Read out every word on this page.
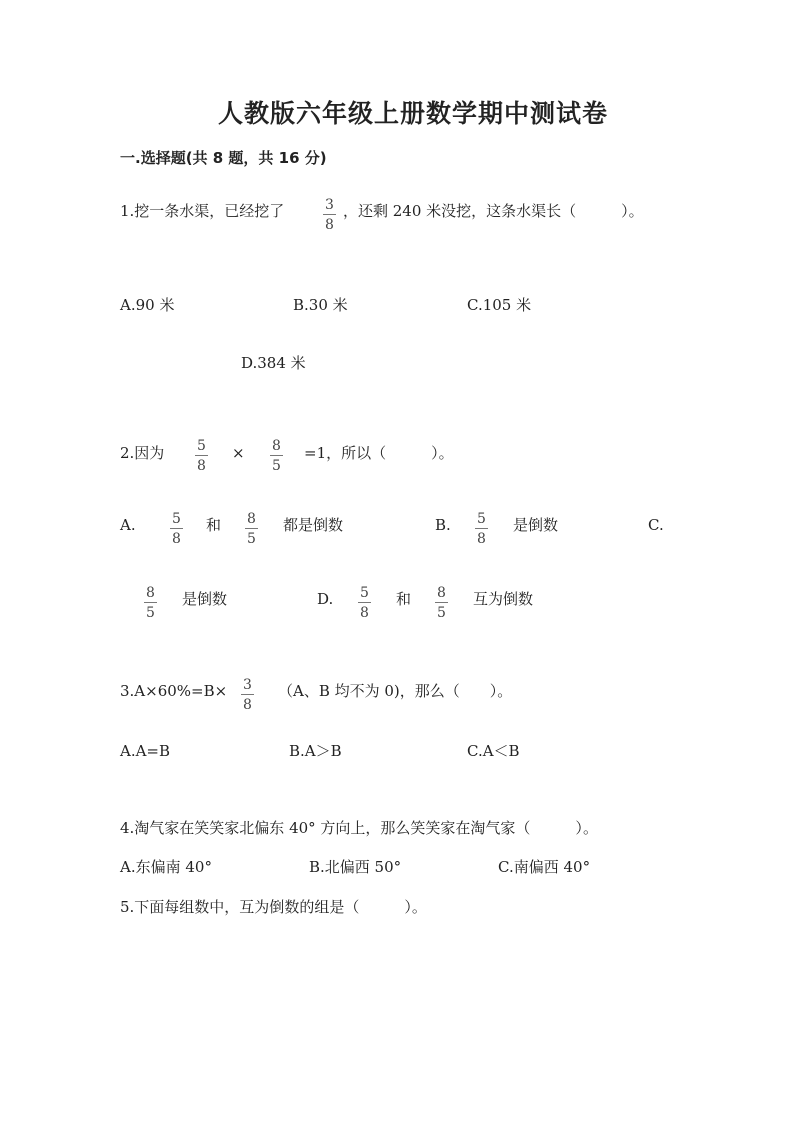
人教版六年级上册数学期中测试卷
一.选择题(共 8 题，共 16 分)
1.挖一条水渠，已经挖了	$\frac{3}{8}$ ，还剩 240 米没挖，这条水渠长（　　　）。
A.90 米	B.30 米	C.105 米
D.384 米
2.因为 $\frac{5}{8} \times \frac{8}{5} =1$，所以（　　　）。
A. $\frac{5}{8}$ 和 $\frac{8}{5}$ 都是倒数	B. $\frac{5}{8}$ 是倒数	C.
$\frac{8}{5}$ 是倒数	D. $\frac{5}{8}$ 和 $\frac{8}{5}$ 互为倒数
$3.A\times 60\%=B\times \frac{3}{8} (A$、B 均不为 0)，那么（　　）。
A.A=B	B.A＞B	C.A＜B
4.淘气家在笑笑家北偏东 40° 方向上，那么笑笑家在淘气家（　　　）。
A.东偏南 40°	B.北偏西 50°	C.南偏西 40°
5.下面每组数中，互为倒数的组是（　　　）。
